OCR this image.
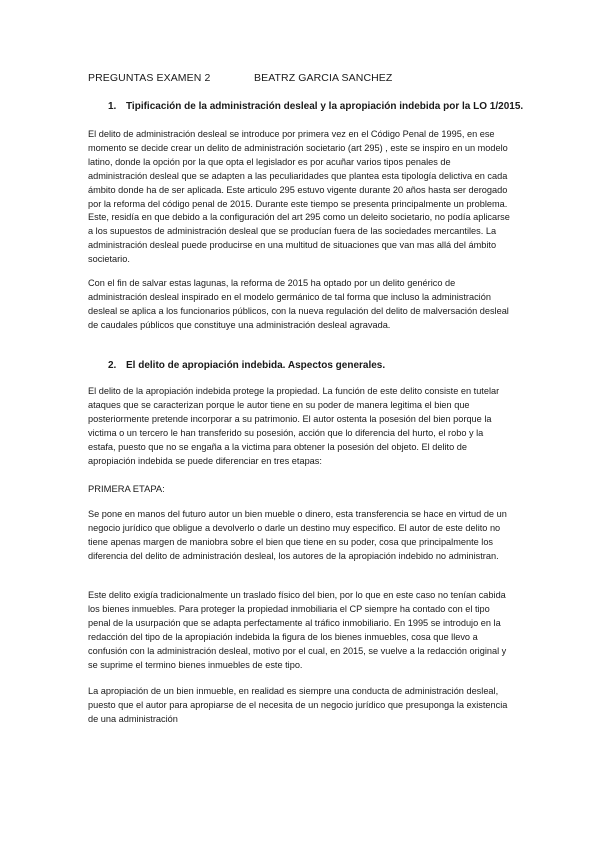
PREGUNTAS EXAMEN 2	BEATRZ GARCIA SANCHEZ
1. Tipificación de la administración desleal y la apropiación indebida por la LO 1/2015.

El delito de administración desleal se introduce por primera vez en el Código Penal de 1995, en ese momento se decide crear un delito de administración societario (art 295) , este se inspiro en un modelo latino, donde la opción por la que opta el legislador es por acuñar varios tipos penales de administración desleal que se adapten a las peculiaridades que plantea esta tipología delictiva en cada ámbito donde ha de ser aplicada. Este articulo 295 estuvo vigente durante 20 años hasta ser derogado por la reforma del código penal de 2015. Durante este tiempo se presenta principalmente un problema. Este, residía en que debido a la configuración del art 295 como un deleito societario, no podía aplicarse a los supuestos de administración desleal que se producían fuera de las sociedades mercantiles. La administración desleal puede producirse en una multitud de situaciones que van mas allá del ámbito societario.

Con el fin de salvar estas lagunas, la reforma de 2015 ha optado por un delito genérico de administración desleal inspirado en el modelo germánico de tal forma que incluso la administración desleal se aplica a los funcionarios públicos, con la nueva regulación del delito de malversación desleal de caudales públicos que constituye una administración desleal agravada.

2. El delito de apropiación indebida. Aspectos generales.

El delito de la apropiación indebida protege la propiedad. La función de este delito consiste en tutelar ataques que se caracterizan porque le autor tiene en su poder de manera legitima el bien que posteriormente pretende incorporar a su patrimonio. El autor ostenta la posesión del bien porque la victima o un tercero le han transferido su posesión, acción que lo diferencia del hurto, el robo y la estafa, puesto que no se engaña a la victima para obtener la posesión del objeto. El delito de apropiación indebida se puede diferenciar en tres etapas:

PRIMERA ETAPA:

Se pone en manos del futuro autor un bien mueble o dinero, esta transferencia se hace en virtud de un negocio jurídico que obligue a devolverlo o darle un destino muy especifico. El autor de este delito no tiene apenas margen de maniobra sobre el bien que tiene en su poder, cosa que principalmente los diferencia del delito de administración desleal, los autores de la apropiación indebido no administran.

Este delito exigía tradicionalmente un traslado físico del bien, por lo que en este caso no tenían cabida los bienes inmuebles. Para proteger la propiedad inmobiliaria el CP siempre ha contado con el tipo penal de la usurpación que se adapta perfectamente al tráfico inmobiliario. En 1995 se introdujo en la redacción del tipo de la apropiación indebida la figura de los bienes inmuebles, cosa que llevo a confusión con la administración desleal, motivo por el cual, en 2015, se vuelve a la redacción original y se suprime el termino bienes inmuebles de este tipo.

La apropiación de un bien inmueble, en realidad es siempre una conducta de administración desleal, puesto que el autor para apropiarse de el necesita de un negocio jurídico que presuponga la existencia de una administración
